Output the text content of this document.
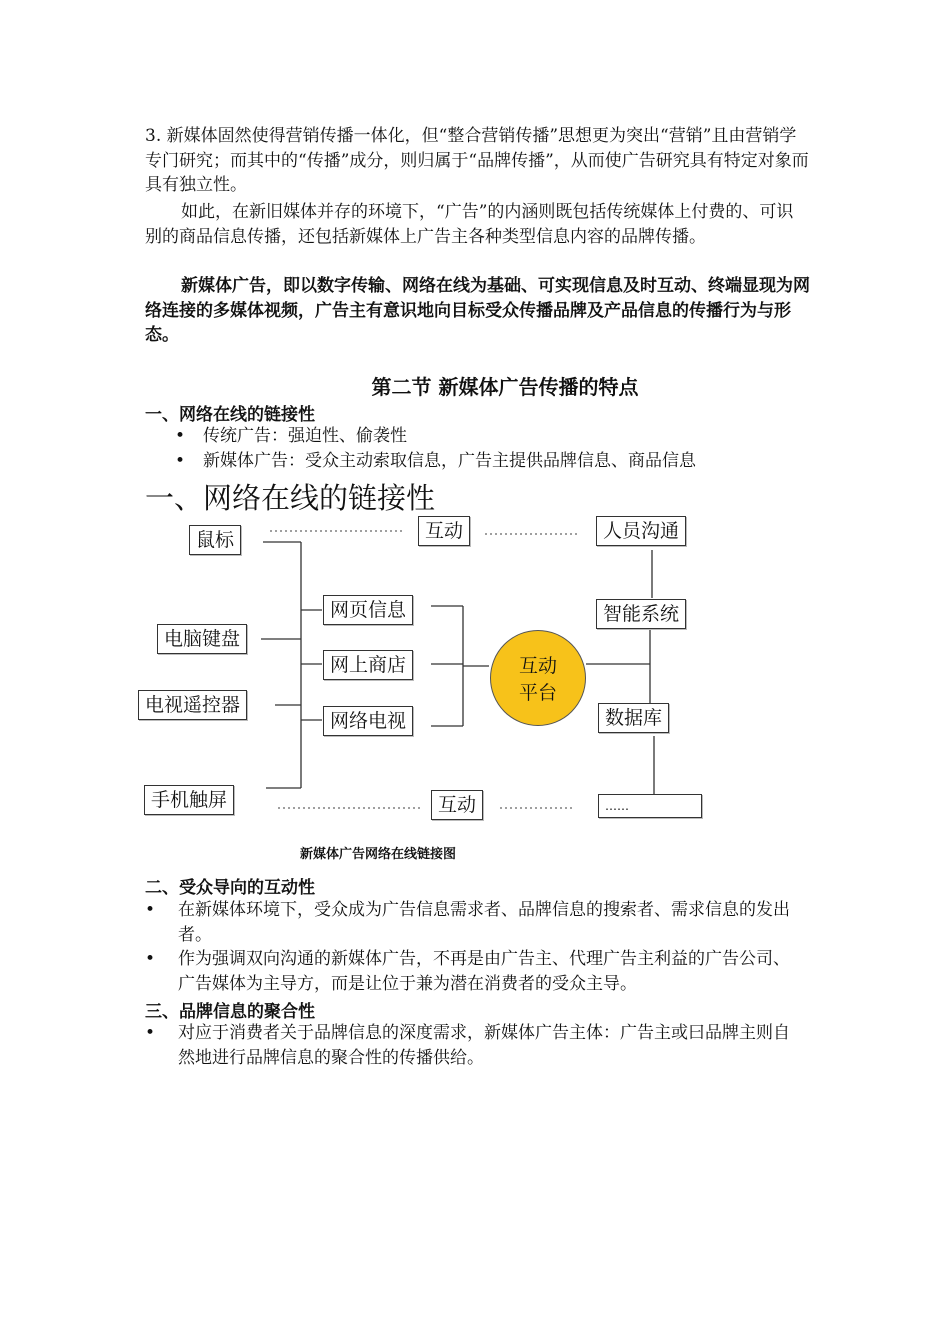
3. 新媒体固然使得营销传播一体化，但“整合营销传播”思想更为突出“营销”且由营销学专门研究；而其中的“传播”成分，则归属于“品牌传播”，从而使广告研究具有特定对象而具有独立性。

如此，在新旧媒体并存的环境下，“广告”的内涵则既包括传统媒体上付费的、可识别的商品信息传播，还包括新媒体上广告主各种类型信息内容的品牌传播。

新媒体广告，即以数字传输、网络在线为基础、可实现信息及时互动、终端显现为网络连接的多媒体视频，广告主有意识地向目标受众传播品牌及产品信息的传播行为与形态。

第二节 新媒体广告传播的特点
一、网络在线的链接性
•	传统广告：强迫性、偷袭性
•	新媒体广告：受众主动索取信息，广告主提供品牌信息、商品信息
一、网络在线的链接性
鼠标
电脑键盘
电视遥控器
手机触屏
网页信息
网上商店
网络电视
互动
互动
互动
平台
人员沟通
智能系统
数据库
……
新媒体广告网络在线链接图
二、受众导向的互动性
•	在新媒体环境下，受众成为广告信息需求者、品牌信息的搜索者、需求信息的发出者。
•	作为强调双向沟通的新媒体广告，不再是由广告主、代理广告主利益的广告公司、广告媒体为主导方，而是让位于兼为潜在消费者的受众主导。
三、品牌信息的聚合性
•	对应于消费者关于品牌信息的深度需求，新媒体广告主体：广告主或曰品牌主则自然地进行品牌信息的聚合性的传播供给。
